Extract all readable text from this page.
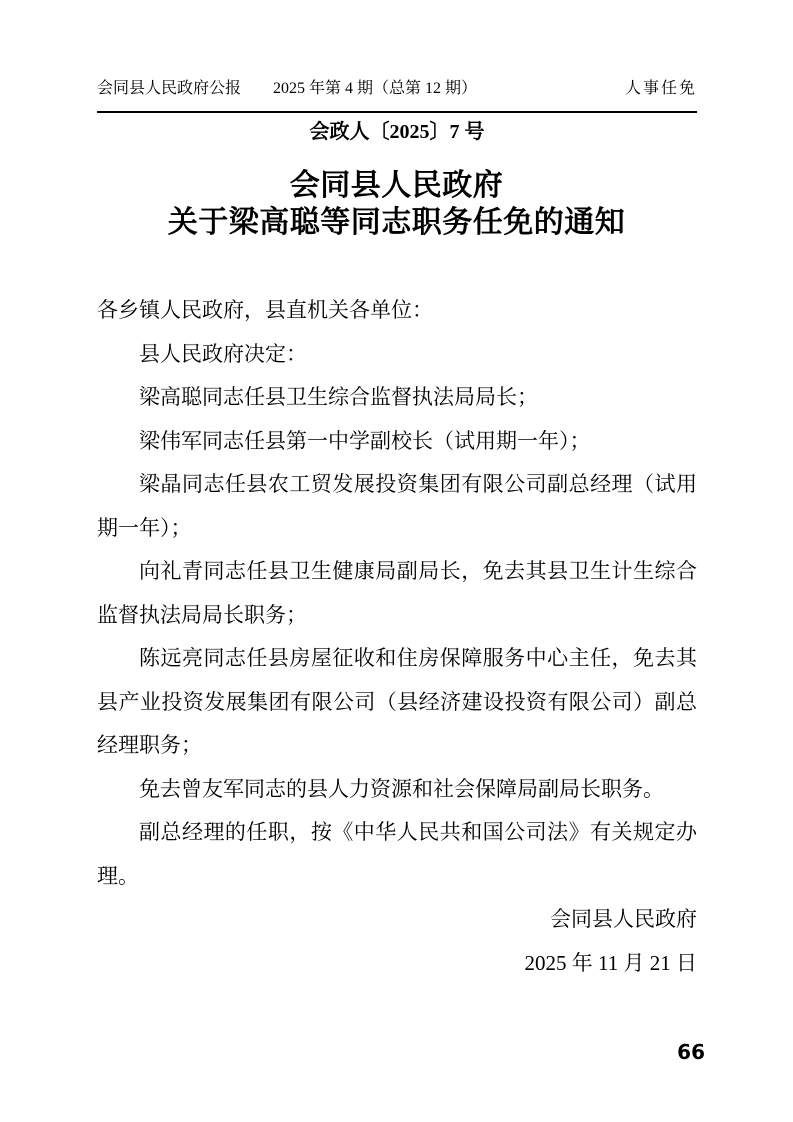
会同县人民政府公报 2025 年第 4 期（总第 12 期）	人事任免
会政人〔2025〕7 号
会同县人民政府
关于梁高聪等同志职务任免的通知

各乡镇人民政府，县直机关各单位：

县人民政府决定：

梁高聪同志任县卫生综合监督执法局局长；

梁伟军同志任县第一中学副校长（试用期一年）；

梁晶同志任县农工贸发展投资集团有限公司副总经理（试用期一年）；

向礼青同志任县卫生健康局副局长，免去其县卫生计生综合监督执法局局长职务；

陈远亮同志任县房屋征收和住房保障服务中心主任，免去其县产业投资发展集团有限公司（县经济建设投资有限公司）副总经理职务；

免去曾友军同志的县人力资源和社会保障局副局长职务。

副总经理的任职，按《中华人民共和国公司法》有关规定办理。

会同县人民政府

2025 年 11 月 21 日

66
